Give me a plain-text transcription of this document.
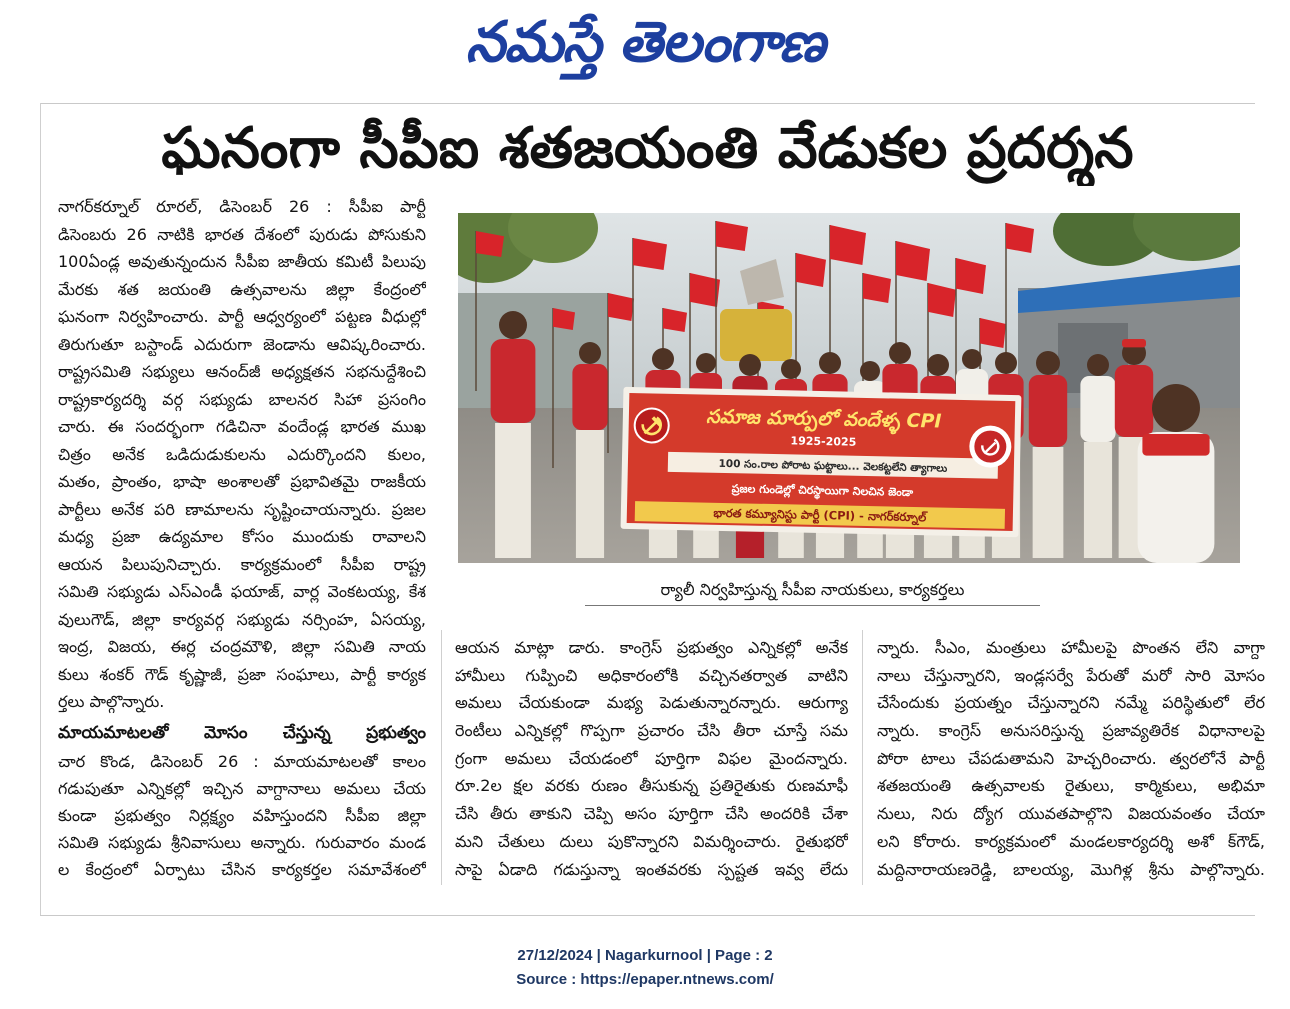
నమస్తే తెలంగాణ
ఘనంగా సీపీఐ శతజయంతి వేడుకల ప్రదర్శన
నాగర్‌కర్నూల్ రూరల్, డిసెంబర్ 26 : సీపీఐ పార్టీ
డిసెంబరు 26 నాటికి భారత దేశంలో పురుడు పోసుకుని
100ఏండ్ల అవుతున్నందున సీపీఐ జాతీయ కమిటీ పిలుపు
మేరకు శత జయంతి ఉత్సవాలను జిల్లా కేంద్రంలో
ఘనంగా నిర్వహించారు. పార్టీ ఆధ్వర్యంలో పట్టణ వీధుల్లో
తిరుగుతూ బస్టాండ్ ఎదురుగా జెండాను ఆవిష్కరించారు.
రాష్ట్రసమితి సభ్యులు ఆనంద్‌జీ అధ్యక్షతన సభనుద్దేశించి
రాష్ట్రకార్యదర్శి వర్గ సభ్యుడు బాలనర సిహా ప్రసంగిం
చారు. ఈ సందర్భంగా గడిచినా వందేండ్ల భారత ముఖ
చిత్రం అనేక ఒడిదుడుకులను ఎదుర్కొందని కులం,
మతం, ప్రాంతం, భాషా అంశాలతో ప్రభావితమై రాజకీయ
పార్టీలు అనేక పరి ణామాలను సృష్టించాయన్నారు. ప్రజల
మధ్య ప్రజా ఉద్యమాల కోసం ముందుకు రావాలని
ఆయన పిలుపునిచ్చారు. కార్యక్రమంలో సీపీఐ రాష్ట్ర
సమితి సభ్యుడు ఎస్ఎండీ ఫయాజ్, వార్ల వెంకటయ్య, కేశ
వులుగౌడ్, జిల్లా కార్యవర్గ సభ్యుడు నర్సింహ, ఏసయ్య,
ఇంద్ర, విజయ, ఈర్ల చంద్రమౌళి, జిల్లా సమితి నాయ
కులు శంకర్ గౌడ్ కృష్ణాజీ, ప్రజా సంఘాలు, పార్టీ కార్యక
ర్తలు పాల్గొన్నారు.
మాయమాటలతో మోసం చేస్తున్న ప్రభుత్వం
చార కొండ, డిసెంబర్ 26 : మాయమాటలతో కాలం
గడుపుతూ ఎన్నికల్లో ఇచ్చిన వాగ్దానాలు అమలు చేయ
కుండా ప్రభుత్వం నిర్లక్ష్యం వహిస్తుందని సీపీఐ జిల్లా
సమితి సభ్యుడు శ్రీనివాసులు అన్నారు. గురువారం మండ
ల కేంద్రంలో ఏర్పాటు చేసిన కార్యకర్తల సమావేశంలో
సమాజ మార్పులో వందేళ్ళ CPI
1925-2025
100 సం.రాల పోరాట ఘట్టాలు... వెలకట్టలేని త్యాగాలు
ప్రజల గుండెల్లో చిరస్థాయిగా నిలచిన జెండా
భారత కమ్యూనిస్టు పార్టీ (CPI) - నాగర్‌కర్నూల్
ర్యాలీ నిర్వహిస్తున్న సీపీఐ నాయకులు, కార్యకర్తలు
ఆయన మాట్లా డారు. కాంగ్రెస్ ప్రభుత్వం ఎన్నికల్లో అనేక
హామీలు గుప్పించి అధికారంలోకి వచ్చినతర్వాత వాటిని
అమలు చేయకుండా మభ్య పెడుతున్నారన్నారు. ఆరుగ్యా
రెంటీలు ఎన్నికల్లో గొప్పగా ప్రచారం చేసి తీరా చూస్తే సమ
గ్రంగా అమలు చేయడంలో పూర్తిగా విఫల మైందన్నారు.
రూ.2ల క్షల వరకు రుణం తీసుకున్న ప్రతిరైతుకు రుణమాఫీ
చేసి తీరు తాకుని చెప్పి అసం పూర్తిగా చేసి అందరికి చేశా
మని చేతులు దులు పుకొన్నారని విమర్శించారు. రైతుభరో
సాపై ఏడాది గడుస్తున్నా ఇంతవరకు స్పష్టత ఇవ్వ లేదు
న్నారు. సీఎం, మంత్రులు హామీలపై పొంతన లేని వాగ్దా
నాలు చేస్తున్నారని, ఇండ్లసర్వే పేరుతో మరో సారి మోసం
చేసేందుకు ప్రయత్నం చేస్తున్నారని నమ్మే పరిస్థితులో లేర
న్నారు. కాంగ్రెస్ అనుసరిస్తున్న ప్రజావ్యతిరేక విధానాలపై
పోరా టాలు చేపడుతామని హెచ్చరించారు. త్వరలోనే పార్టీ
శతజయంతి ఉత్సవాలకు రైతులు, కార్మికులు, అభిమా
నులు, నిరు ద్యోగ యువతపాల్గొని విజయవంతం చేయా
లని కోరారు. కార్యక్రమంలో మండలకార్యదర్శి అశో క్‌గౌడ్,
మద్దినారాయణరెడ్డి, బాలయ్య, మొగిళ్ల శ్రీను పాల్గొన్నారు.
27/12/2024 | Nagarkurnool | Page : 2
Source : https://epaper.ntnews.com/
